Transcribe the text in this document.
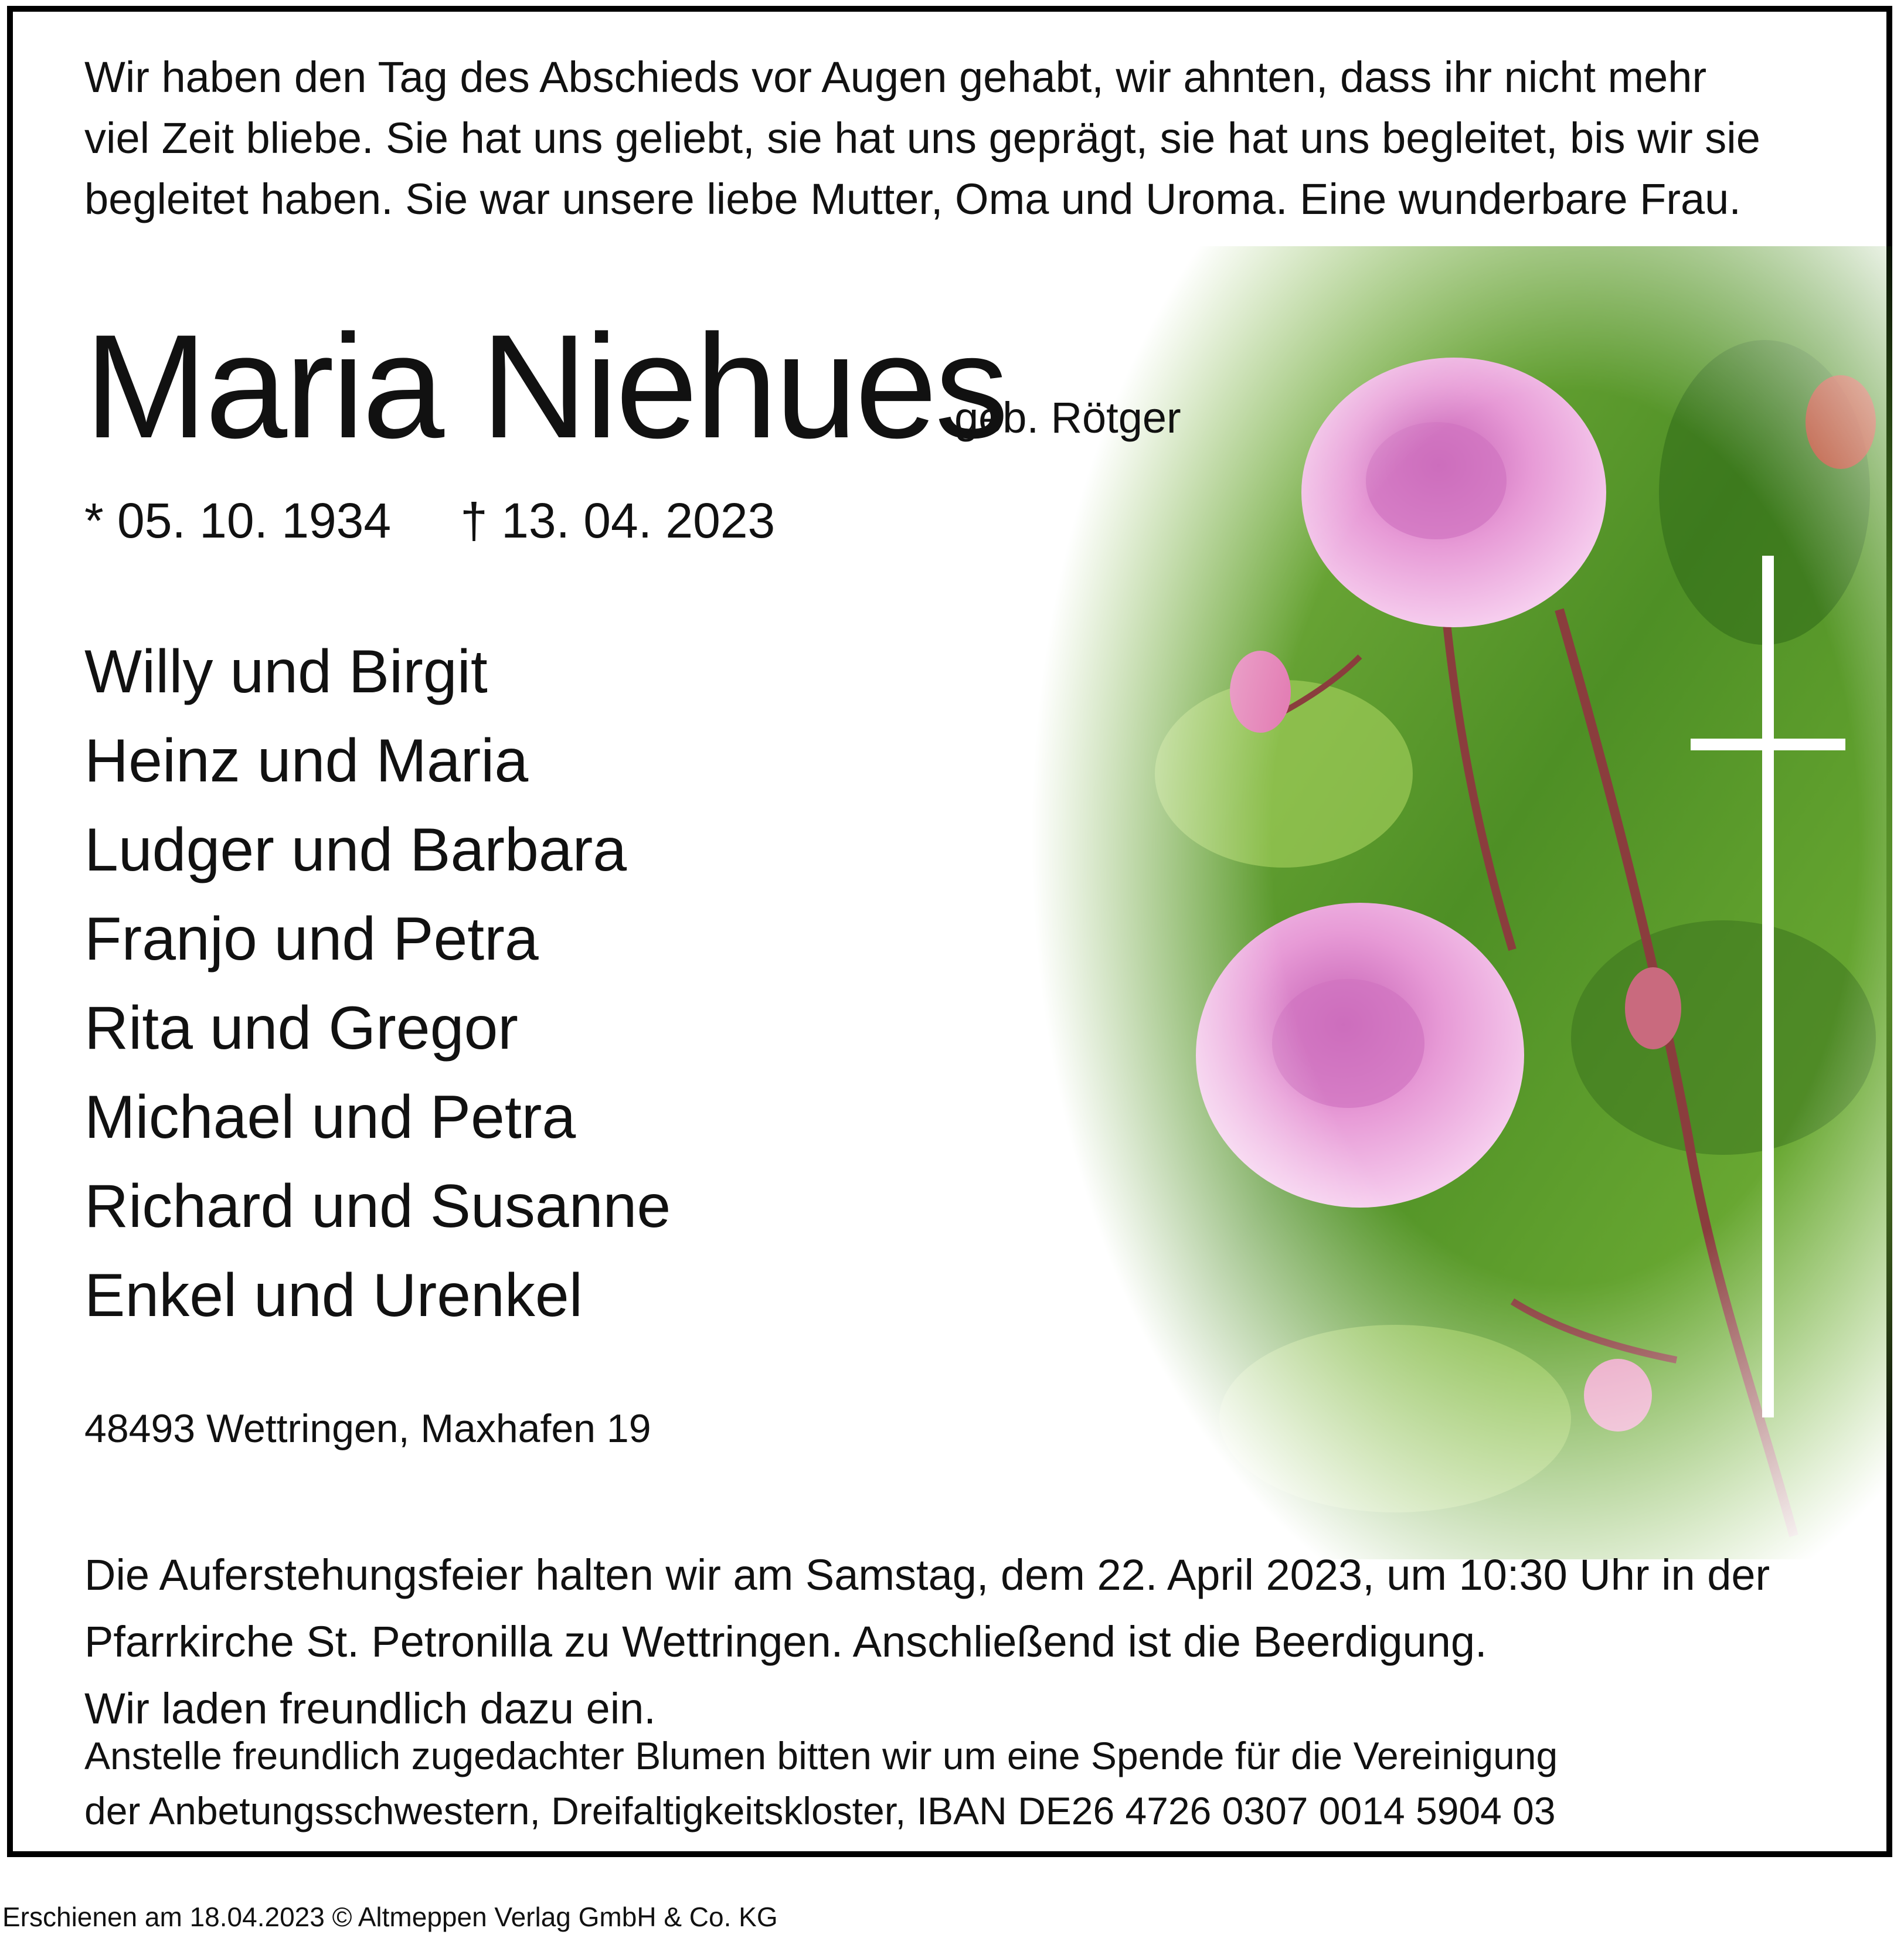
Wir haben den Tag des Abschieds vor Augen gehabt, wir ahnten, dass ihr nicht mehr
viel Zeit bliebe. Sie hat uns geliebt, sie hat uns geprägt, sie hat uns begleitet, bis wir sie
begleitet haben. Sie war unsere liebe Mutter, Oma und Uroma. Eine wunderbare Frau.
Maria Niehues
geb. Rötger
* 05. 10. 1934 † 13. 04. 2023
Willy und Birgit
Heinz und Maria
Ludger und Barbara
Franjo und Petra
Rita und Gregor
Michael und Petra
Richard und Susanne
Enkel und Urenkel
48493 Wettringen, Maxhafen 19
Die Auferstehungsfeier halten wir am Samstag, dem 22. April 2023, um 10:30 Uhr in der
Pfarrkirche St. Petronilla zu Wettringen. Anschließend ist die Beerdigung.
Wir laden freundlich dazu ein.
Anstelle freundlich zugedachter Blumen bitten wir um eine Spende für die Vereinigung
der Anbetungsschwestern, Dreifaltigkeitskloster, IBAN DE26 4726 0307 0014 5904 03
Erschienen am 18.04.2023 © Altmeppen Verlag GmbH & Co. KG
